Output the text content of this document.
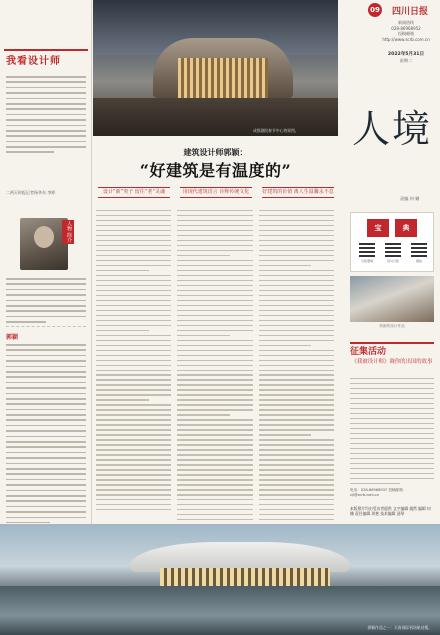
我看设计师
二两天时报记者杨华东 李婷
人物 简介
郭颖
成都剧院春节中心效果图。
建筑设计师郭颖：
“好建筑是有温度的”
设计“新”突子 留住“老”灵魂	用现代建筑语言 诠释传统文化	好建筑的价值 离人生温馨永不息
09 四川日报
新闻热线
028-86968952
投稿邮箱
http://www.scrb.com.cn
2022年5月31日
星期二
人境
责编 何 姗
宝	典
川报观察	四川日报	微信
郭颖的设计作品
征集活动
《我被设计师》调你的出国的故事
电话：028-86968937 投稿邮箱：zjl@scrb.com.cn
本版照片均由受访者提供 文字编辑 姚然 编辑 何姗 责任编辑 周艳 技术编辑 邱琴
郭颖作品之一：天府国际机场航站楼。
